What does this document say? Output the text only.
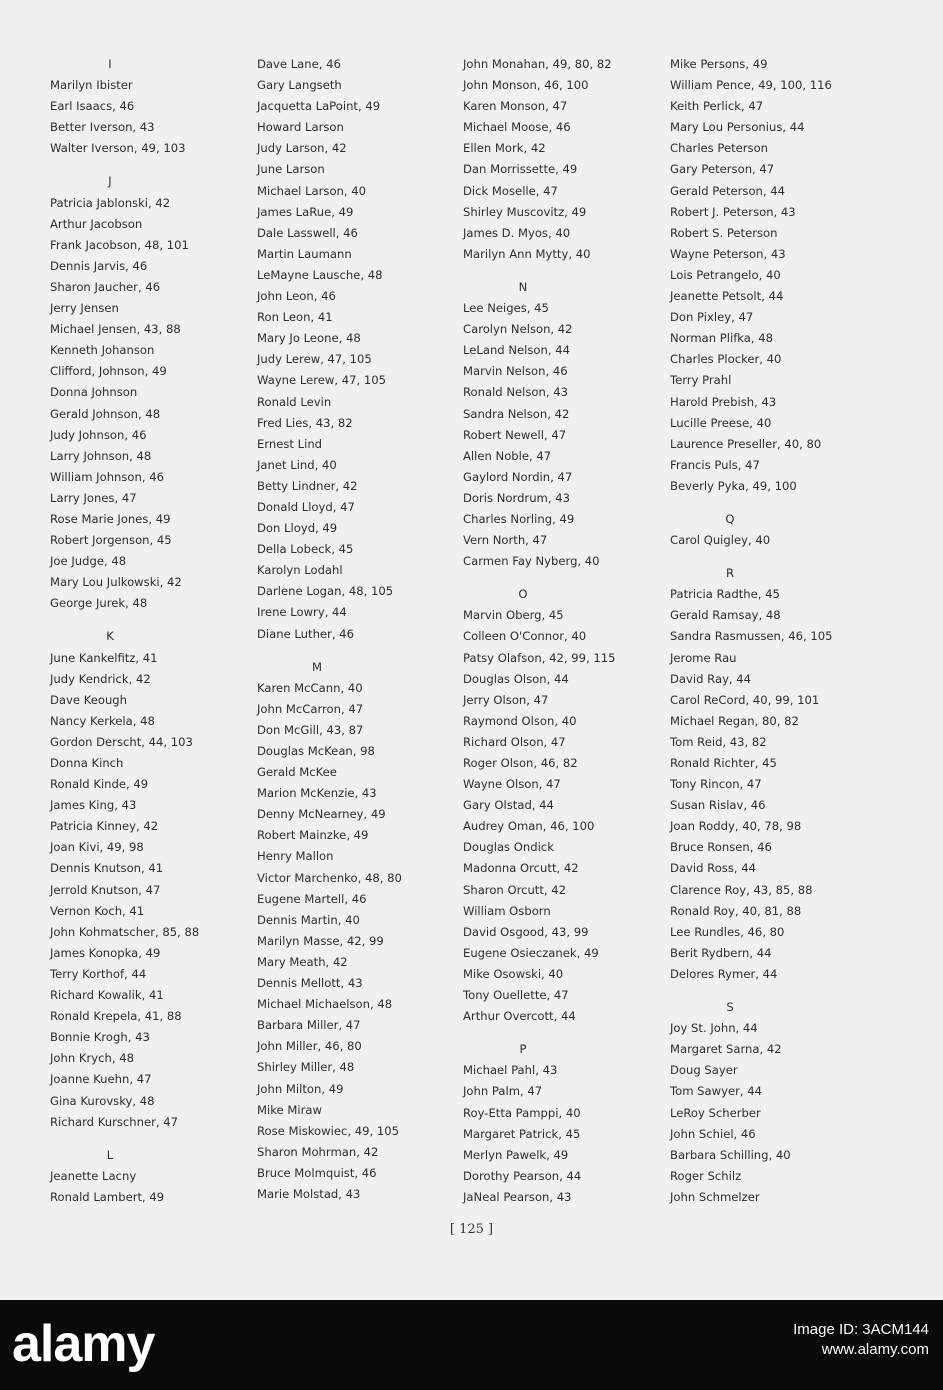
I
Marilyn Ibister
Earl Isaacs, 46
Better Iverson, 43
Walter Iverson, 49, 103
J
Patricia Jablonski, 42
Arthur Jacobson
Frank Jacobson, 48, 101
Dennis Jarvis, 46
Sharon Jaucher, 46
Jerry Jensen
Michael Jensen, 43, 88
Kenneth Johanson
Clifford, Johnson, 49
Donna Johnson
Gerald Johnson, 48
Judy Johnson, 46
Larry Johnson, 48
William Johnson, 46
Larry Jones, 47
Rose Marie Jones, 49
Robert Jorgenson, 45
Joe Judge, 48
Mary Lou Julkowski, 42
George Jurek, 48
K
June Kankelfitz, 41
Judy Kendrick, 42
Dave Keough
Nancy Kerkela, 48
Gordon Derscht, 44, 103
Donna Kinch
Ronald Kinde, 49
James King, 43
Patricia Kinney, 42
Joan Kivi, 49, 98
Dennis Knutson, 41
Jerrold Knutson, 47
Vernon Koch, 41
John Kohmatscher, 85, 88
James Konopka, 49
Terry Korthof, 44
Richard Kowalik, 41
Ronald Krepela, 41, 88
Bonnie Krogh, 43
John Krych, 48
Joanne Kuehn, 47
Gina Kurovsky, 48
Richard Kurschner, 47
L
Jeanette Lacny
Ronald Lambert, 49
Dave Lane, 46
Gary Langseth
Jacquetta LaPoint, 49
Howard Larson
Judy Larson, 42
June Larson
Michael Larson, 40
James LaRue, 49
Dale Lasswell, 46
Martin Laumann
LeMayne Lausche, 48
John Leon, 46
Ron Leon, 41
Mary Jo Leone, 48
Judy Lerew, 47, 105
Wayne Lerew, 47, 105
Ronald Levin
Fred Lies, 43, 82
Ernest Lind
Janet Lind, 40
Betty Lindner, 42
Donald Lloyd, 47
Don Lloyd, 49
Della Lobeck, 45
Karolyn Lodahl
Darlene Logan, 48, 105
Irene Lowry, 44
Diane Luther, 46
M
Karen McCann, 40
John McCarron, 47
Don McGill, 43, 87
Douglas McKean, 98
Gerald McKee
Marion McKenzie, 43
Denny McNearney, 49
Robert Mainzke, 49
Henry Mallon
Victor Marchenko, 48, 80
Eugene Martell, 46
Dennis Martin, 40
Marilyn Masse, 42, 99
Mary Meath, 42
Dennis Mellott, 43
Michael Michaelson, 48
Barbara Miller, 47
John Miller, 46, 80
Shirley Miller, 48
John Milton, 49
Mike Miraw
Rose Miskowiec, 49, 105
Sharon Mohrman, 42
Bruce Molmquist, 46
Marie Molstad, 43
John Monahan, 49, 80, 82
John Monson, 46, 100
Karen Monson, 47
Michael Moose, 46
Ellen Mork, 42
Dan Morrissette, 49
Dick Moselle, 47
Shirley Muscovitz, 49
James D. Myos, 40
Marilyn Ann Mytty, 40
N
Lee Neiges, 45
Carolyn Nelson, 42
LeLand Nelson, 44
Marvin Nelson, 46
Ronald Nelson, 43
Sandra Nelson, 42
Robert Newell, 47
Allen Noble, 47
Gaylord Nordin, 47
Doris Nordrum, 43
Charles Norling, 49
Vern North, 47
Carmen Fay Nyberg, 40
O
Marvin Oberg, 45
Colleen O'Connor, 40
Patsy Olafson, 42, 99, 115
Douglas Olson, 44
Jerry Olson, 47
Raymond Olson, 40
Richard Olson, 47
Roger Olson, 46, 82
Wayne Olson, 47
Gary Olstad, 44
Audrey Oman, 46, 100
Douglas Ondick
Madonna Orcutt, 42
Sharon Orcutt, 42
William Osborn
David Osgood, 43, 99
Eugene Osieczanek, 49
Mike Osowski, 40
Tony Ouellette, 47
Arthur Overcott, 44
P
Michael Pahl, 43
John Palm, 47
Roy-Etta Pamppi, 40
Margaret Patrick, 45
Merlyn Pawelk, 49
Dorothy Pearson, 44
JaNeal Pearson, 43
Mike Persons, 49
William Pence, 49, 100, 116
Keith Perlick, 47
Mary Lou Personius, 44
Charles Peterson
Gary Peterson, 47
Gerald Peterson, 44
Robert J. Peterson, 43
Robert S. Peterson
Wayne Peterson, 43
Lois Petrangelo, 40
Jeanette Petsolt, 44
Don Pixley, 47
Norman Plifka, 48
Charles Plocker, 40
Terry Prahl
Harold Prebish, 43
Lucille Preese, 40
Laurence Preseller, 40, 80
Francis Puls, 47
Beverly Pyka, 49, 100
Q
Carol Quigley, 40
R
Patricia Radthe, 45
Gerald Ramsay, 48
Sandra Rasmussen, 46, 105
Jerome Rau
David Ray, 44
Carol ReCord, 40, 99, 101
Michael Regan, 80, 82
Tom Reid, 43, 82
Ronald Richter, 45
Tony Rincon, 47
Susan Rislav, 46
Joan Roddy, 40, 78, 98
Bruce Ronsen, 46
David Ross, 44
Clarence Roy, 43, 85, 88
Ronald Roy, 40, 81, 88
Lee Rundles, 46, 80
Berit Rydbern, 44
Delores Rymer, 44
S
Joy St. John, 44
Margaret Sarna, 42
Doug Sayer
Tom Sawyer, 44
LeRoy Scherber
John Schiel, 46
Barbara Schilling, 40
Roger Schilz
John Schmelzer
[ 125 ]
alamy	Image ID: 3ACM144
www.alamy.com
